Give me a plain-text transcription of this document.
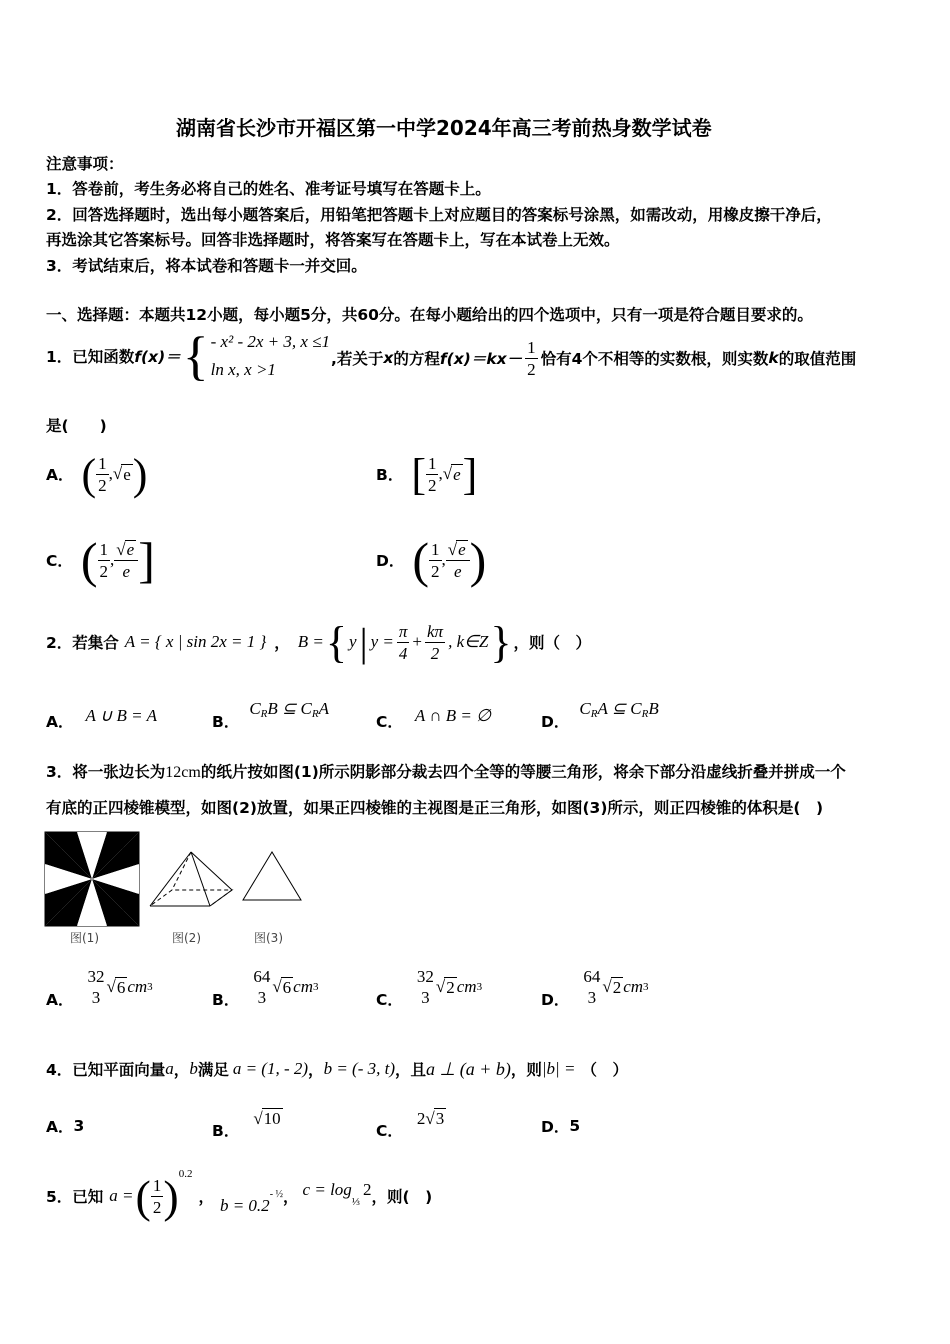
湖南省长沙市开福区第一中学2024年高三考前热身数学试卷
注意事项：
1．答卷前，考生务必将自己的姓名、准考证号填写在答题卡上。
2．回答选择题时，选出每小题答案后，用铅笔把答题卡上对应题目的答案标号涂黑，如需改动，用橡皮擦干净后，
再选涂其它答案标号。回答非选择题时，将答案写在答题卡上，写在本试卷上无效。
3．考试结束后，将本试卷和答题卡一并交回。
一、选择题：本题共12小题，每小题5分，共60分。在每小题给出的四个选项中，只有一项是符合题目要求的。
1．已知函数 f(x)＝ { - x² - 2x + 3, x ≤1
ln x, x >1
,若关于 x 的方程 $f(x)=kx- \frac{1}{2}$ 恰有4个不相等的实数根，则实数 k 的取值范围
是(　　)
A． ( $\frac{1}{2}$ , √ e )	B． [ $\frac{1}{2}$ , √ e ]
C． ( $\frac{1}{2}$ , $\frac{√e}{e}$ ]	D． ( $\frac{1}{2}$ , $\frac{√e}{e}$ )
2．若集合 A = { x | sin 2x = 1 } ， B = { y | $y = \frac{\pi}{4} + \frac{k\pi}{2}$ , k∈Z } ，则（　）
A． A ∪ B = A	B．
$C_RB$ ⊆ $C_RA$
C． A ∩ B = ∅	D．
$C_RA$ ⊆ $C_RB$
3．将一张边长为 12cm 的纸片按如图(1)所示阴影部分裁去四个全等的等腰三角形，将余下部分沿虚线折叠并拼成一个
有底的正四棱锥模型，如图(2)放置，如果正四棱锥的主视图是正三角形，如图(3)所示，则正四棱锥的体积是(　)
图(1)	图(2)	图(3)
A．
32
3
√ 6 cm 3
B．
64
3
√ 6 cm 3
C．
32
3
√ 2 cm 3
D．
64
3
√ 2 cm 3
4．已知平面向量 a ， b 满足 a = (1, - 2) ， b = (- 3, t) ，且 a ⊥ (a + b) ，则 |b| = （　）
A． 3	B．
√10
C．
2√3	D． 5
5．已知 a = ( $\frac{1}{2}$ ) 0.2
， b = 0.2
- ½ ， c = log
⅓
2 ，则(　)
